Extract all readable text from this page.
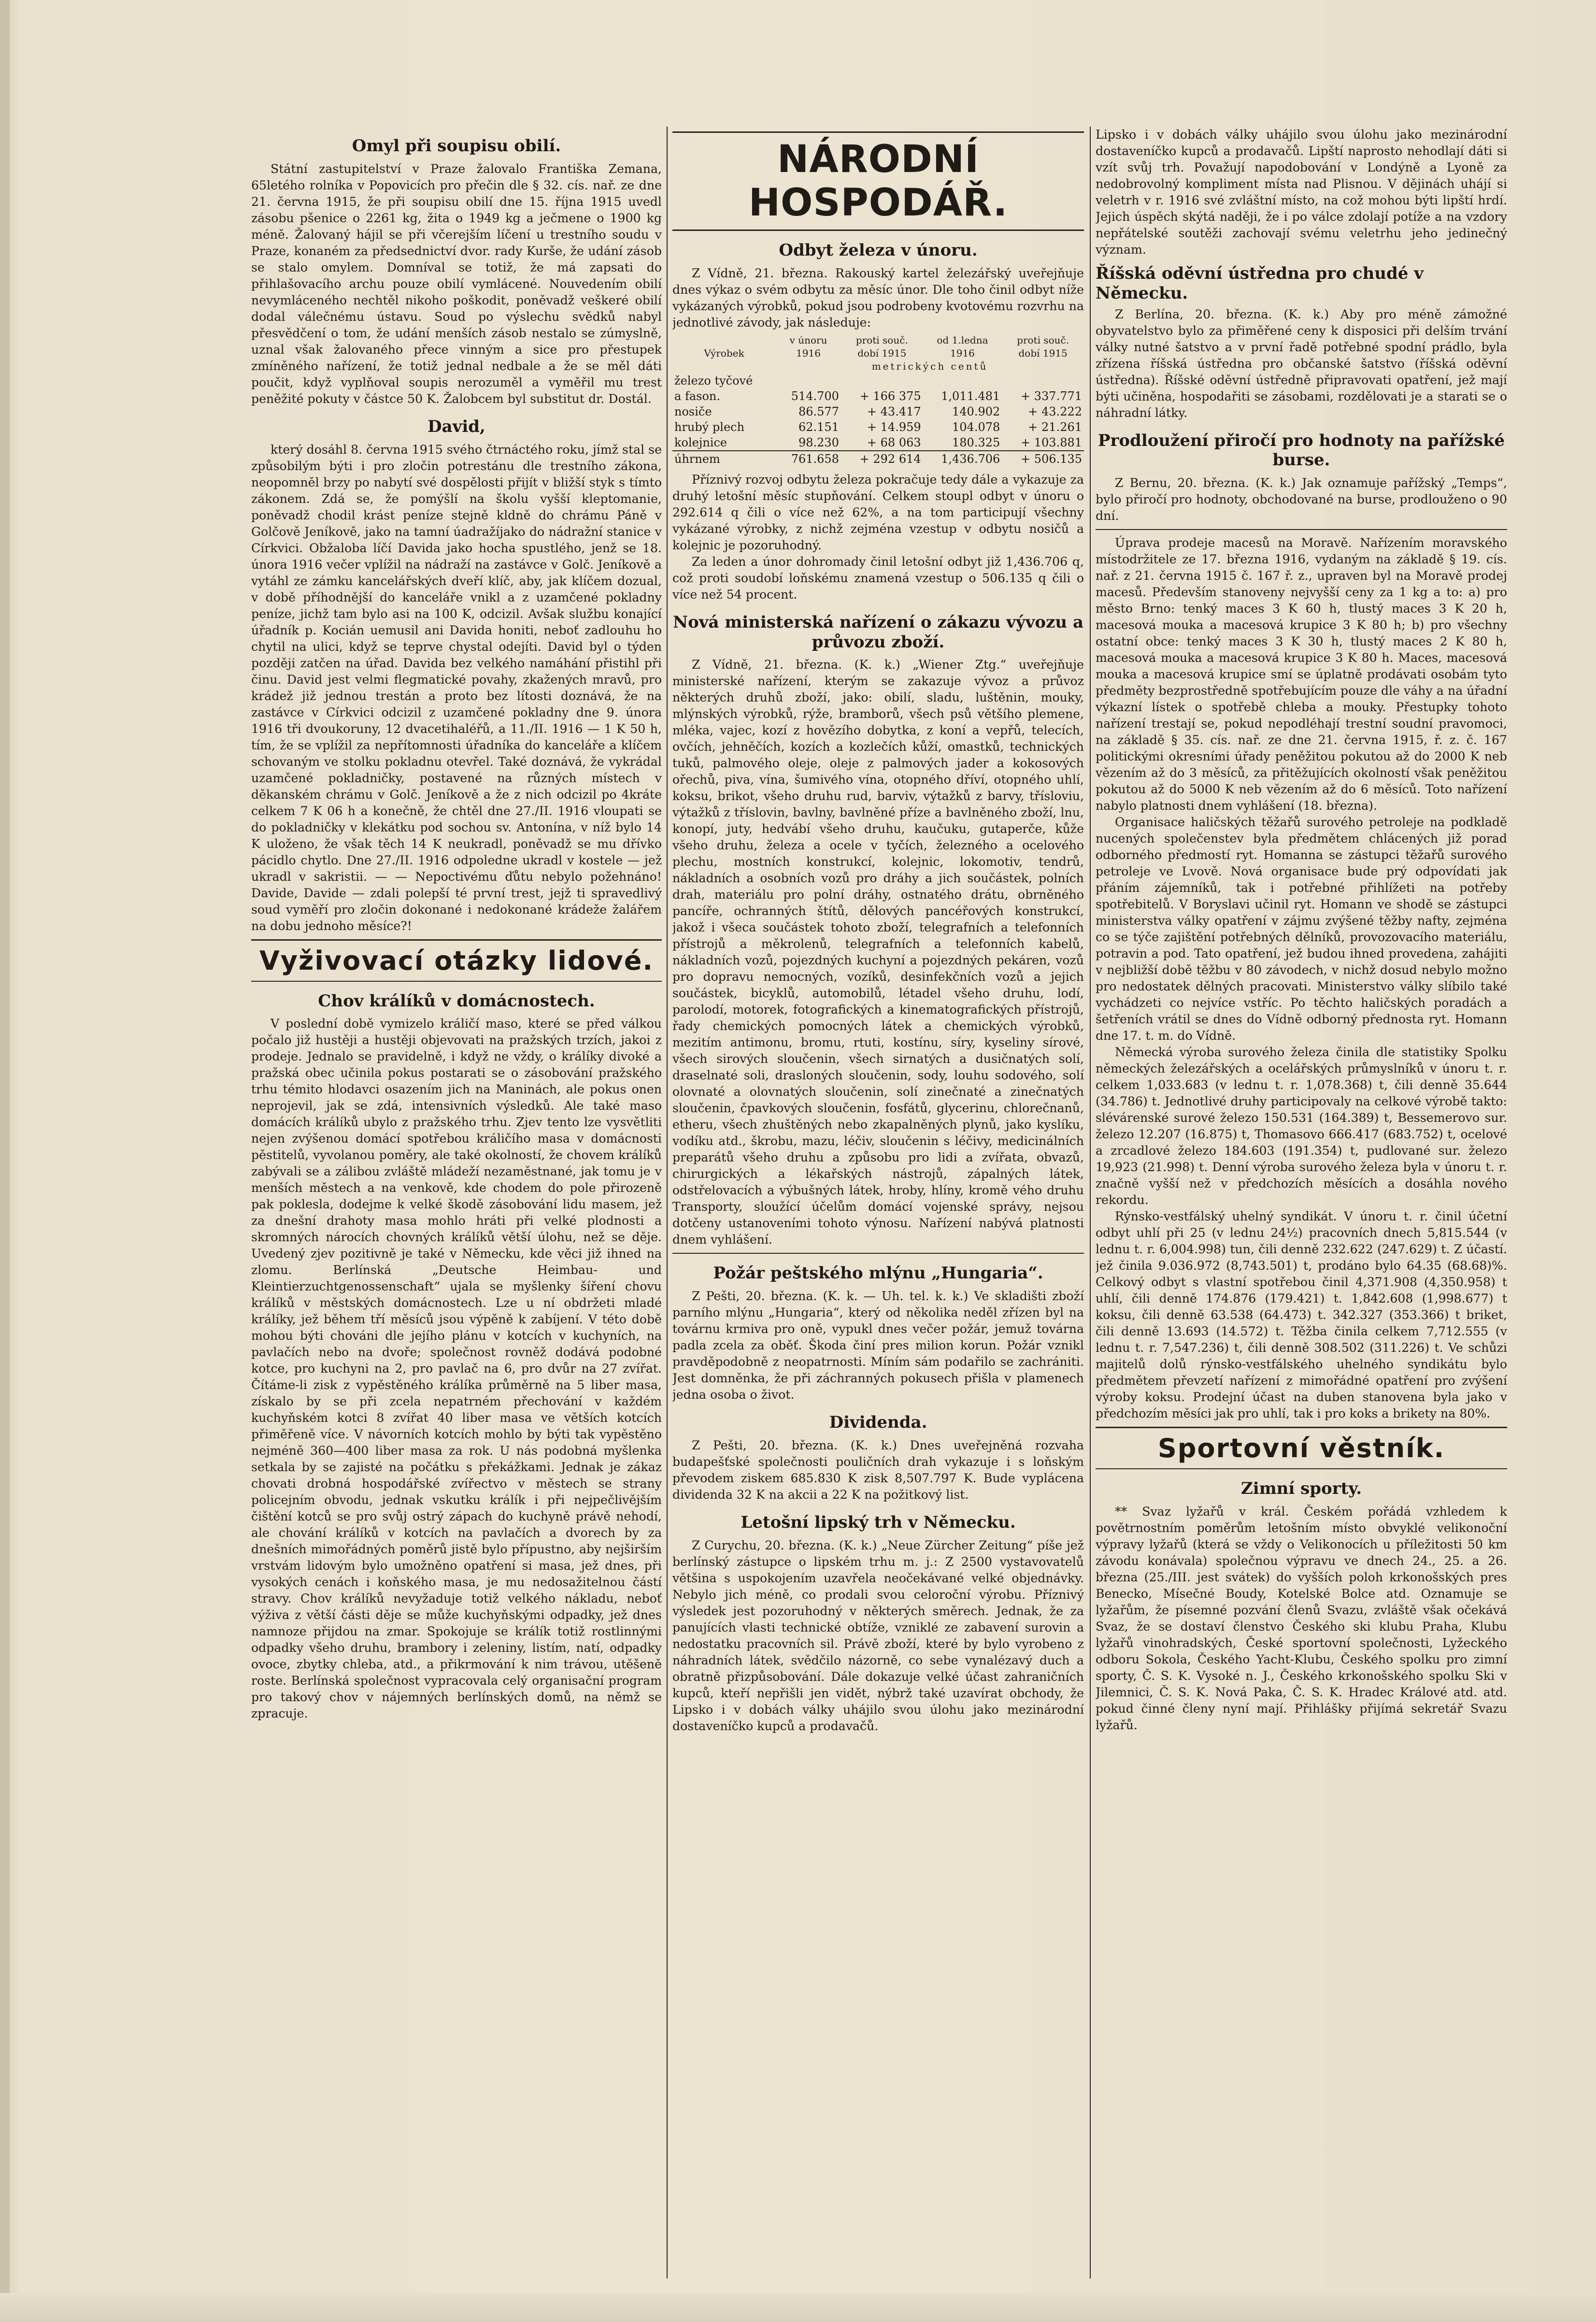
Omyl při soupisu obilí.

Státní zastupitelství v Praze žalovalo Františka Zemana, 65letého rolníka v Popovicích pro přečin dle § 32. cís. nař. ze dne 21. června 1915, že při soupisu obilí dne 15. října 1915 uvedl zásobu pšenice o 2261 kg, žita o 1949 kg a ječmene o 1900 kg méně. Žalovaný hájil se při včerejším líčení u trestního soudu v Praze, konaném za předsednictví dvor. rady Kurše, že udání zásob se stalo omylem. Domníval se totiž, že má zapsati do přihlašovacího archu pouze obilí vymlácené. Nouvedením obilí nevymláceného nechtěl nikoho poškodit, poněvadž veškeré obilí dodal válečnému ústavu. Soud po výslechu svědků nabyl přesvědčení o tom, že udání menších zásob nestalo se zúmyslně, uznal však žalovaného přece vinným a sice pro přestupek zmíněného nařízení, že totiž jednal nedbale a že se měl dáti poučit, když vyplňoval soupis nerozuměl a vyměřil mu trest peněžité pokuty v částce 50 K. Žalobcem byl substitut dr. Dostál.

David,

který dosáhl 8. června 1915 svého čtrnáctého roku, jímž stal se způsobilým býti i pro zločin potrestánu dle trestního zákona, neopomněl brzy po nabytí své dospělosti přijít v bližší styk s tímto zákonem. Zdá se, že pomýšlí na školu vyšší kleptomanie, poněvadž chodil krást peníze stejně kldně do chrámu Páně v Golčově Jeníkově, jako na tamní úadražíjako do nádražní stanice v Církvici. Obžaloba líčí Davida jako hocha spustlého, jenž se 18. února 1916 večer vplížil na nádraží na zastávce v Golč. Jeníkově a vytáhl ze zámku kancelářských dveří klíč, aby, jak klíčem dozual, v době příhodnější do kanceláře vnikl a z uzamčené pokladny peníze, jichž tam bylo asi na 100 K, odcizil. Avšak službu konající úřadník p. Kocián uemusil ani Davida honiti, neboť zadlouhu ho chytil na ulici, když se teprve chystal odejíti. David byl o týden později zatčen na úřad. Davida bez velkého namáhání přistihl při činu. David jest velmi flegmatické povahy, zkažených mravů, pro krádež již jednou trestán a proto bez lítosti doznává, že na zastávce v Církvici odcizil z uzamčené pokladny dne 9. února 1916 tři dvoukoruny, 12 dvacetihaléřů, a 11./II. 1916 — 1 K 50 h, tím, že se vplížil za nepřítomnosti úřadníka do kanceláře a klíčem schovaným ve stolku pokladnu otevřel. Také doznává, že vykrádal uzamčené pokladničky, postavené na různých místech v děkanském chrámu v Golč. Jeníkově a že z nich odcizil po 4kráte celkem 7 K 06 h a konečně, že chtěl dne 27./II. 1916 vloupati se do pokladničky v klekátku pod sochou sv. Antonína, v níž bylo 14 K uloženo, že však těch 14 K neukradl, poněvadž se mu dřívko pácidlo chytlo. Dne 27./II. 1916 odpoledne ukradl v kostele — jež ukradl v sakristii. — — Nepoctivému ďůtu nebylo požehnáno! Davide, Davide — zdali polepší té první trest, jejž ti spravedlivý soud vyměří pro zločin dokonané i nedokonané krádeže žalářem na dobu jednoho měsíce?!

Vyživovací otázky lidové.
Chov králíků v domácnostech.

V poslední době vymizelo králičí maso, které se před válkou počalo již hustěji a hustěji objevovati na pražských trzích, jakoi z prodeje. Jednalo se pravidelně, i když ne vždy, o králíky divoké a pražská obec učinila pokus postarati se o zásobování pražského trhu témito hlodavci osazením jich na Maninách, ale pokus onen neprojevil, jak se zdá, intensivních výsledků. Ale také maso domácích králíků ubylo z pražského trhu. Zjev tento lze vysvětliti nejen zvýšenou domácí spotřebou králičího masa v domácnosti pěstitelů, vyvolanou poměry, ale také okolností, že chovem králíků zabývali se a zálibou zvláště mládeží nezaměstnané, jak tomu je v menších městech a na venkově, kde chodem do pole přirozeně pak poklesla, dodejme k velké škodě zásobování lidu masem, jež za dnešní drahoty masa mohlo hráti při velké plodnosti a skromných nárocích chovných králíků větší úlohu, než se děje. Uvedený zjev pozitivně je také v Německu, kde věci již ihned na zlomu. Berlínská „Deutsche Heimbau- und Kleintierzuchtgenossenschaft“ ujala se myšlenky šíření chovu králíků v městských domácnostech. Lze u ní obdržeti mladé králíky, jež během tří měsíců jsou výpěně k zabíjení. V této době mohou býti chováni dle jejího plánu v kotcích v kuchyních, na pavlačích nebo na dvoře; společnost rovněž dodává podobné kotce, pro kuchyni na 2, pro pavlač na 6, pro dvůr na 27 zvířat. Čítáme-li zisk z vypěstěného králíka průměrně na 5 liber masa, získalo by se při zcela nepatrném přechování v každém kuchyňském kotci 8 zvířat 40 liber masa ve větších kotcích přiměřeně více. V návorních kotcích mohlo by býti tak vypěstěno nejméně 360—400 liber masa za rok. U nás podobná myšlenka setkala by se zajisté na počátku s překážkami. Jednak je zákaz chovati drobná hospodářské zvířectvo v městech se strany policejním obvodu, jednak vskutku králík i při nejpečlivějším čištění kotců se pro svůj ostrý zápach do kuchyně právě nehodí, ale chování králíků v kotcích na pavlačích a dvorech by za dnešních mimořádných poměrů jistě bylo přípustno, aby nejširším vrstvám lidovým bylo umožněno opatření si masa, jež dnes, při vysokých cenách i koňského masa, je mu nedosažitelnou částí stravy. Chov králíků nevyžaduje totiž velkého nákladu, neboť výživa z větší části děje se může kuchyňskými odpadky, jež dnes namnoze přijdou na zmar. Spokojuje se králík totiž rostlinnými odpadky všeho druhu, brambory i zeleniny, listím, natí, odpadky ovoce, zbytky chleba, atd., a přikrmování k nim trávou, utěšeně roste. Berlínská společnost vypracovala celý organisační program pro takový chov v nájemných berlínských domů, na němž se zpracuje.

NÁRODNÍ HOSPODÁŘ.
Odbyt železa v únoru.

Z Vídně, 21. března. Rakouský kartel železářský uveřejňuje dnes výkaz o svém odbytu za měsíc únor. Dle toho činil odbyt níže vykázaných výrobků, pokud jsou podrobeny kvotovému rozvrhu na jednotlivé závody, jak následuje:

	v únoru	proti souč.	od 1.ledna	proti souč.
Výrobek	1916	dobí 1915	1916	dobí 1915
	metrických centů			
železo tyčové				
a fason.	514.700	+ 166 375	1,011.481	+ 337.771
nosiče	86.577	+ 43.417	140.902	+ 43.222
hrubý plech	62.151	+ 14.959	104.078	+ 21.261
kolejnice	98.230	+ 68 063	180.325	+ 103.881
úhrnem	761.658	+ 292 614	1,436.706	+ 506.135

Příznivý rozvoj odbytu železa pokračuje tedy dále a vykazuje za druhý letošní měsíc stupňování. Celkem stoupl odbyt v únoru o 292.614 q čili o více než 62%, a na tom participují všechny vykázané výrobky, z nichž zejména vzestup v odbytu nosičů a kolejnic je pozoruhodný.

Za leden a únor dohromady činil letošní odbyt již 1,436.706 q, což proti soudobí loňskému znamená vzestup o 506.135 q čili o více než 54 procent.

Nová ministerská nařízení o zákazu vývozu a průvozu zboží.

Z Vídně, 21. března. (K. k.) „Wiener Ztg.“ uveřejňuje ministerské nařízení, kterým se zakazuje vývoz a průvoz některých druhů zboží, jako: obilí, sladu, luštěnin, mouky, mlýnských výrobků, rýže, bramborů, všech psů většího plemene, mléka, vajec, kozí z hovězího dobytka, z koní a vepřů, telecích, ovčích, jehněčích, kozích a kozlečích kůží, omastků, technických tuků, palmového oleje, oleje z palmových jader a kokosových ořechů, piva, vína, šumivého vína, otopného dříví, otopného uhlí, koksu, brikot, všeho druhu rud, barviv, výtažků z barvy, třísloviu, výtažků z tříslovin, bavlny, bavlněné příze a bavlněného zboží, lnu, konopí, juty, hedvábí všeho druhu, kaučuku, gutaperče, kůže všeho druhu, železa a ocele v tyčích, železného a ocelového plechu, mostních konstrukcí, kolejnic, lokomotiv, tendrů, nákladních a osobních vozů pro dráhy a jich součástek, polních drah, materiálu pro polní dráhy, ostnatého drátu, obrněného pancíře, ochranných štítů, dělových pancéřových konstrukcí, jakož i všeca součástek tohoto zboží, telegrafních a telefonních přístrojů a měkrolenů, telegrafních a telefonních kabelů, nákladních vozů, pojezdných kuchyní a pojezdných pekáren, vozů pro dopravu nemocných, vozíků, desinfekčních vozů a jejich součástek, bicyklů, automobilů, létadel všeho druhu, lodí, parolodí, motorek, fotografických a kinematografických přístrojů, řady chemických pomocných látek a chemických výrobků, mezitím antimonu, bromu, rtuti, kostínu, síry, kyseliny sírové, všech sirových sloučenin, všech sirnatých a dusičnatých solí, draselnaté soli, drasloných sloučenin, sody, louhu sodového, solí olovnaté a olovnatých sloučenin, solí zinečnaté a zinečnatých sloučenin, čpavkových sloučenin, fosfátů, glycerinu, chlorečnanů, etheru, všech zhuštěných nebo zkapalněných plynů, jako kyslíku, vodíku atd., škrobu, mazu, léčiv, sloučenin s léčivy, medicinálních preparátů všeho druhu a způsobu pro lidi a zvířata, obvazů, chirurgických a lékařských nástrojů, zápalných látek, odstřelovacích a výbušných látek, hroby, hlíny, kromě vého druhu Transporty, sloužící účelům domácí vojenské správy, nejsou dotčeny ustanoveními tohoto výnosu. Nařízení nabývá platnosti dnem vyhlášení.

Požár peštského mlýnu „Hungaria“.

Z Pešti, 20. března. (K. k. — Uh. tel. k. k.) Ve skladišti zboží parního mlýnu „Hungaria“, který od několika neděl zřízen byl na továrnu krmiva pro oně, vypukl dnes večer požár, jemuž továrna padla zcela za oběť. Škoda činí pres milion korun. Požár vznikl pravděpodobně z neopatrnosti. Míním sám podařilo se zachrániti. Jest domněnka, že při záchranných pokusech přišla v plamenech jedna osoba o život.

Dividenda.

Z Pešti, 20. března. (K. k.) Dnes uveřejněná rozvaha budapešťské společnosti pouličních drah vykazuje i s loňským převodem ziskem 685.830 K zisk 8,507.797 K. Bude vyplácena dividenda 32 K na akcii a 22 K na požitkový list.

Letošní lipský trh v Německu.

Z Curychu, 20. března. (K. k.) „Neue Zürcher Zeitung“ píše jež berlínský zástupce o lipském trhu m. j.: Z 2500 vystavovatelů většina s uspokojením uzavřela neočekávané velké objednávky. Nebylo jich méně, co prodali svou celoroční výrobu. Příznivý výsledek jest pozoruhodný v některých směrech. Jednak, že za panujících vlasti technické obtíže, vzniklé ze zabavení surovin a nedostatku pracovních sil. Právě zboží, které by bylo vyrobeno z náhradních látek, svědčilo názorně, co sebe vynalézavý duch a obratně přizpůsobování. Dále dokazuje velké účast zahraničních kupců, kteří nepřišli jen vidět, nýbrž také uzavírat obchody, že Lipsko i v dobách války uhájilo svou úlohu jako mezinárodní dostaveníčko kupců a prodavačů.

Lipsko i v dobách války uhájilo svou úlohu jako mezinárodní dostaveníčko kupců a prodavačů. Lipští naprosto nehodlají dáti si vzít svůj trh. Považují napodobování v Londýně a Lyoně za nedobrovolný kompliment místa nad Plisnou. V dějinách uhájí si veletrh v r. 1916 své zvláštní místo, na což mohou býti lipští hrdí. Jejich úspěch skýtá naději, že i po válce zdolají potíže a na vzdory nepřátelské soutěži zachovají svému veletrhu jeho jedinečný význam.

Říšská oděvní ústředna pro chudé v Německu.

Z Berlína, 20. března. (K. k.) Aby pro méně zámožné obyvatelstvo bylo za přiměřené ceny k disposici při delším trvání války nutné šatstvo a v první řadě potřebné spodní prádlo, byla zřízena říšská ústředna pro občanské šatstvo (říšská oděvní ústředna). Říšské oděvní ústředně připravovati opatření, jež mají býti učiněna, hospodařiti se zásobami, rozdělovati je a starati se o náhradní látky.

Prodloužení přiročí pro hodnoty na pařížské burse.

Z Bernu, 20. března. (K. k.) Jak oznamuje pařížský „Temps“, bylo přiročí pro hodnoty, obchodované na burse, prodlouženo o 90 dní.

Úprava prodeje macesů na Moravě. Nařízením moravského místodržitele ze 17. března 1916, vydaným na základě § 19. cís. nař. z 21. června 1915 č. 167 ř. z., upraven byl na Moravě prodej macesů. Především stanoveny nejvyšší ceny za 1 kg a to: a) pro město Brno: tenký maces 3 K 60 h, tlustý maces 3 K 20 h, macesová mouka a macesová krupice 3 K 80 h; b) pro všechny ostatní obce: tenký maces 3 K 30 h, tlustý maces 2 K 80 h, macesová mouka a macesová krupice 3 K 80 h. Maces, macesová mouka a macesová krupice smí se úplatně prodávati osobám tyto předměty bezprostředně spotřebujícím pouze dle váhy a na úřadní výkazní lístek o spotřebě chleba a mouky. Přestupky tohoto nařízení trestají se, pokud nepodléhají trestní soudní pravomoci, na základě § 35. cís. nař. ze dne 21. června 1915, ř. z. č. 167 politickými okresními úřady peněžitou pokutou až do 2000 K neb vězením až do 3 měsíců, za přitěžujících okolností však peněžitou pokutou až do 5000 K neb vězením až do 6 měsíců. Toto nařízení nabylo platnosti dnem vyhlášení (18. března).

Organisace haličských těžařů surového petroleje na podkladě nucených společenstev byla předmětem chlácených již porad odborného předmostí ryt. Homanna se zástupci těžařů surového petroleje ve Lvově. Nová organisace bude prý odpovídati jak přáním zájemníků, tak i potřebné přihlížeti na potřeby spotřebitelů. V Boryslavi učinil ryt. Homann ve shodě se zástupci ministerstva války opatření v zájmu zvýšené těžby nafty, zejména co se týče zajištění potřebných dělníků, provozovacího materiálu, potravin a pod. Tato opatření, jež budou ihned provedena, zahájiti v nejbližší době těžbu v 80 závodech, v nichž dosud nebylo možno pro nedostatek dělných pracovati. Ministerstvo války slíbilo také vychádzeti co nejvíce vstříc. Po těchto haličských poradách a šetřeních vrátil se dnes do Vídně odborný přednosta ryt. Homann dne 17. t. m. do Vídně.

Německá výroba surového železa činila dle statistiky Spolku německých železářských a ocelářských průmyslníků v únoru t. r. celkem 1,033.683 (v lednu t. r. 1,078.368) t, čili denně 35.644 (34.786) t. Jednotlivé druhy participovaly na celkové výrobě takto: slévárenské surové železo 150.531 (164.389) t, Bessemerovo sur. železo 12.207 (16.875) t, Thomasovo 666.417 (683.752) t, ocelové a zrcadlové železo 184.603 (191.354) t, pudlované sur. železo 19,923 (21.998) t. Denní výroba surového železa byla v únoru t. r. značně vyšší než v předchozích měsících a dosáhla nového rekordu.

Rýnsko-vestfálský uhelný syndikát. V únoru t. r. činil účetní odbyt uhlí při 25 (v lednu 24½) pracovních dnech 5,815.544 (v lednu t. r. 6,004.998) tun, čili denně 232.622 (247.629) t. Z účastí. jež činila 9.036.972 (8,743.501) t, prodáno bylo 64.35 (68.68)%. Celkový odbyt s vlastní spotřebou činil 4,371.908 (4,350.958) t uhlí, čili denně 174.876 (179.421) t. 1,842.608 (1,998.677) t koksu, čili denně 63.538 (64.473) t. 342.327 (353.366) t briket, čili denně 13.693 (14.572) t. Těžba činila celkem 7,712.555 (v lednu t. r. 7,547.236) t, čili denně 308.502 (311.226) t. Ve schůzi majitelů dolů rýnsko-vestfálského uhelného syndikátu bylo předmětem převzetí nařízení z mimořádné opatření pro zvýšení výroby koksu. Prodejní účast na duben stanovena byla jako v předchozím měsíci jak pro uhlí, tak i pro koks a brikety na 80%.

Sportovní věstník.
Zimní sporty.

** Svaz lyžařů v král. Českém pořádá vzhledem k povětrnostním poměrům letošním místo obvyklé velikonoční výpravy lyžařů (která se vždy o Velikonocích u příležitosti 50 km závodu konávala) společnou výpravu ve dnech 24., 25. a 26. března (25./III. jest svátek) do vyšších poloh krkonošských pres Benecko, Mísečné Boudy, Kotelské Bolce atd. Oznamuje se lyžařům, že písemné pozvání členů Svazu, zvláště však očekává Svaz, že se dostaví členstvo Českého ski klubu Praha, Klubu lyžařů vinohradských, České sportovní společnosti, Lyžeckého odboru Sokola, Českého Yacht-Klubu, Českého spolku pro zimní sporty, Č. S. K. Vysoké n. J., Českého krkonošského spolku Ski v Jilemnici, Č. S. K. Nová Paka, Č. S. K. Hradec Králové atd. atd. pokud činné členy nyní mají. Přihlášky přijímá sekretář Svazu lyžařů.
